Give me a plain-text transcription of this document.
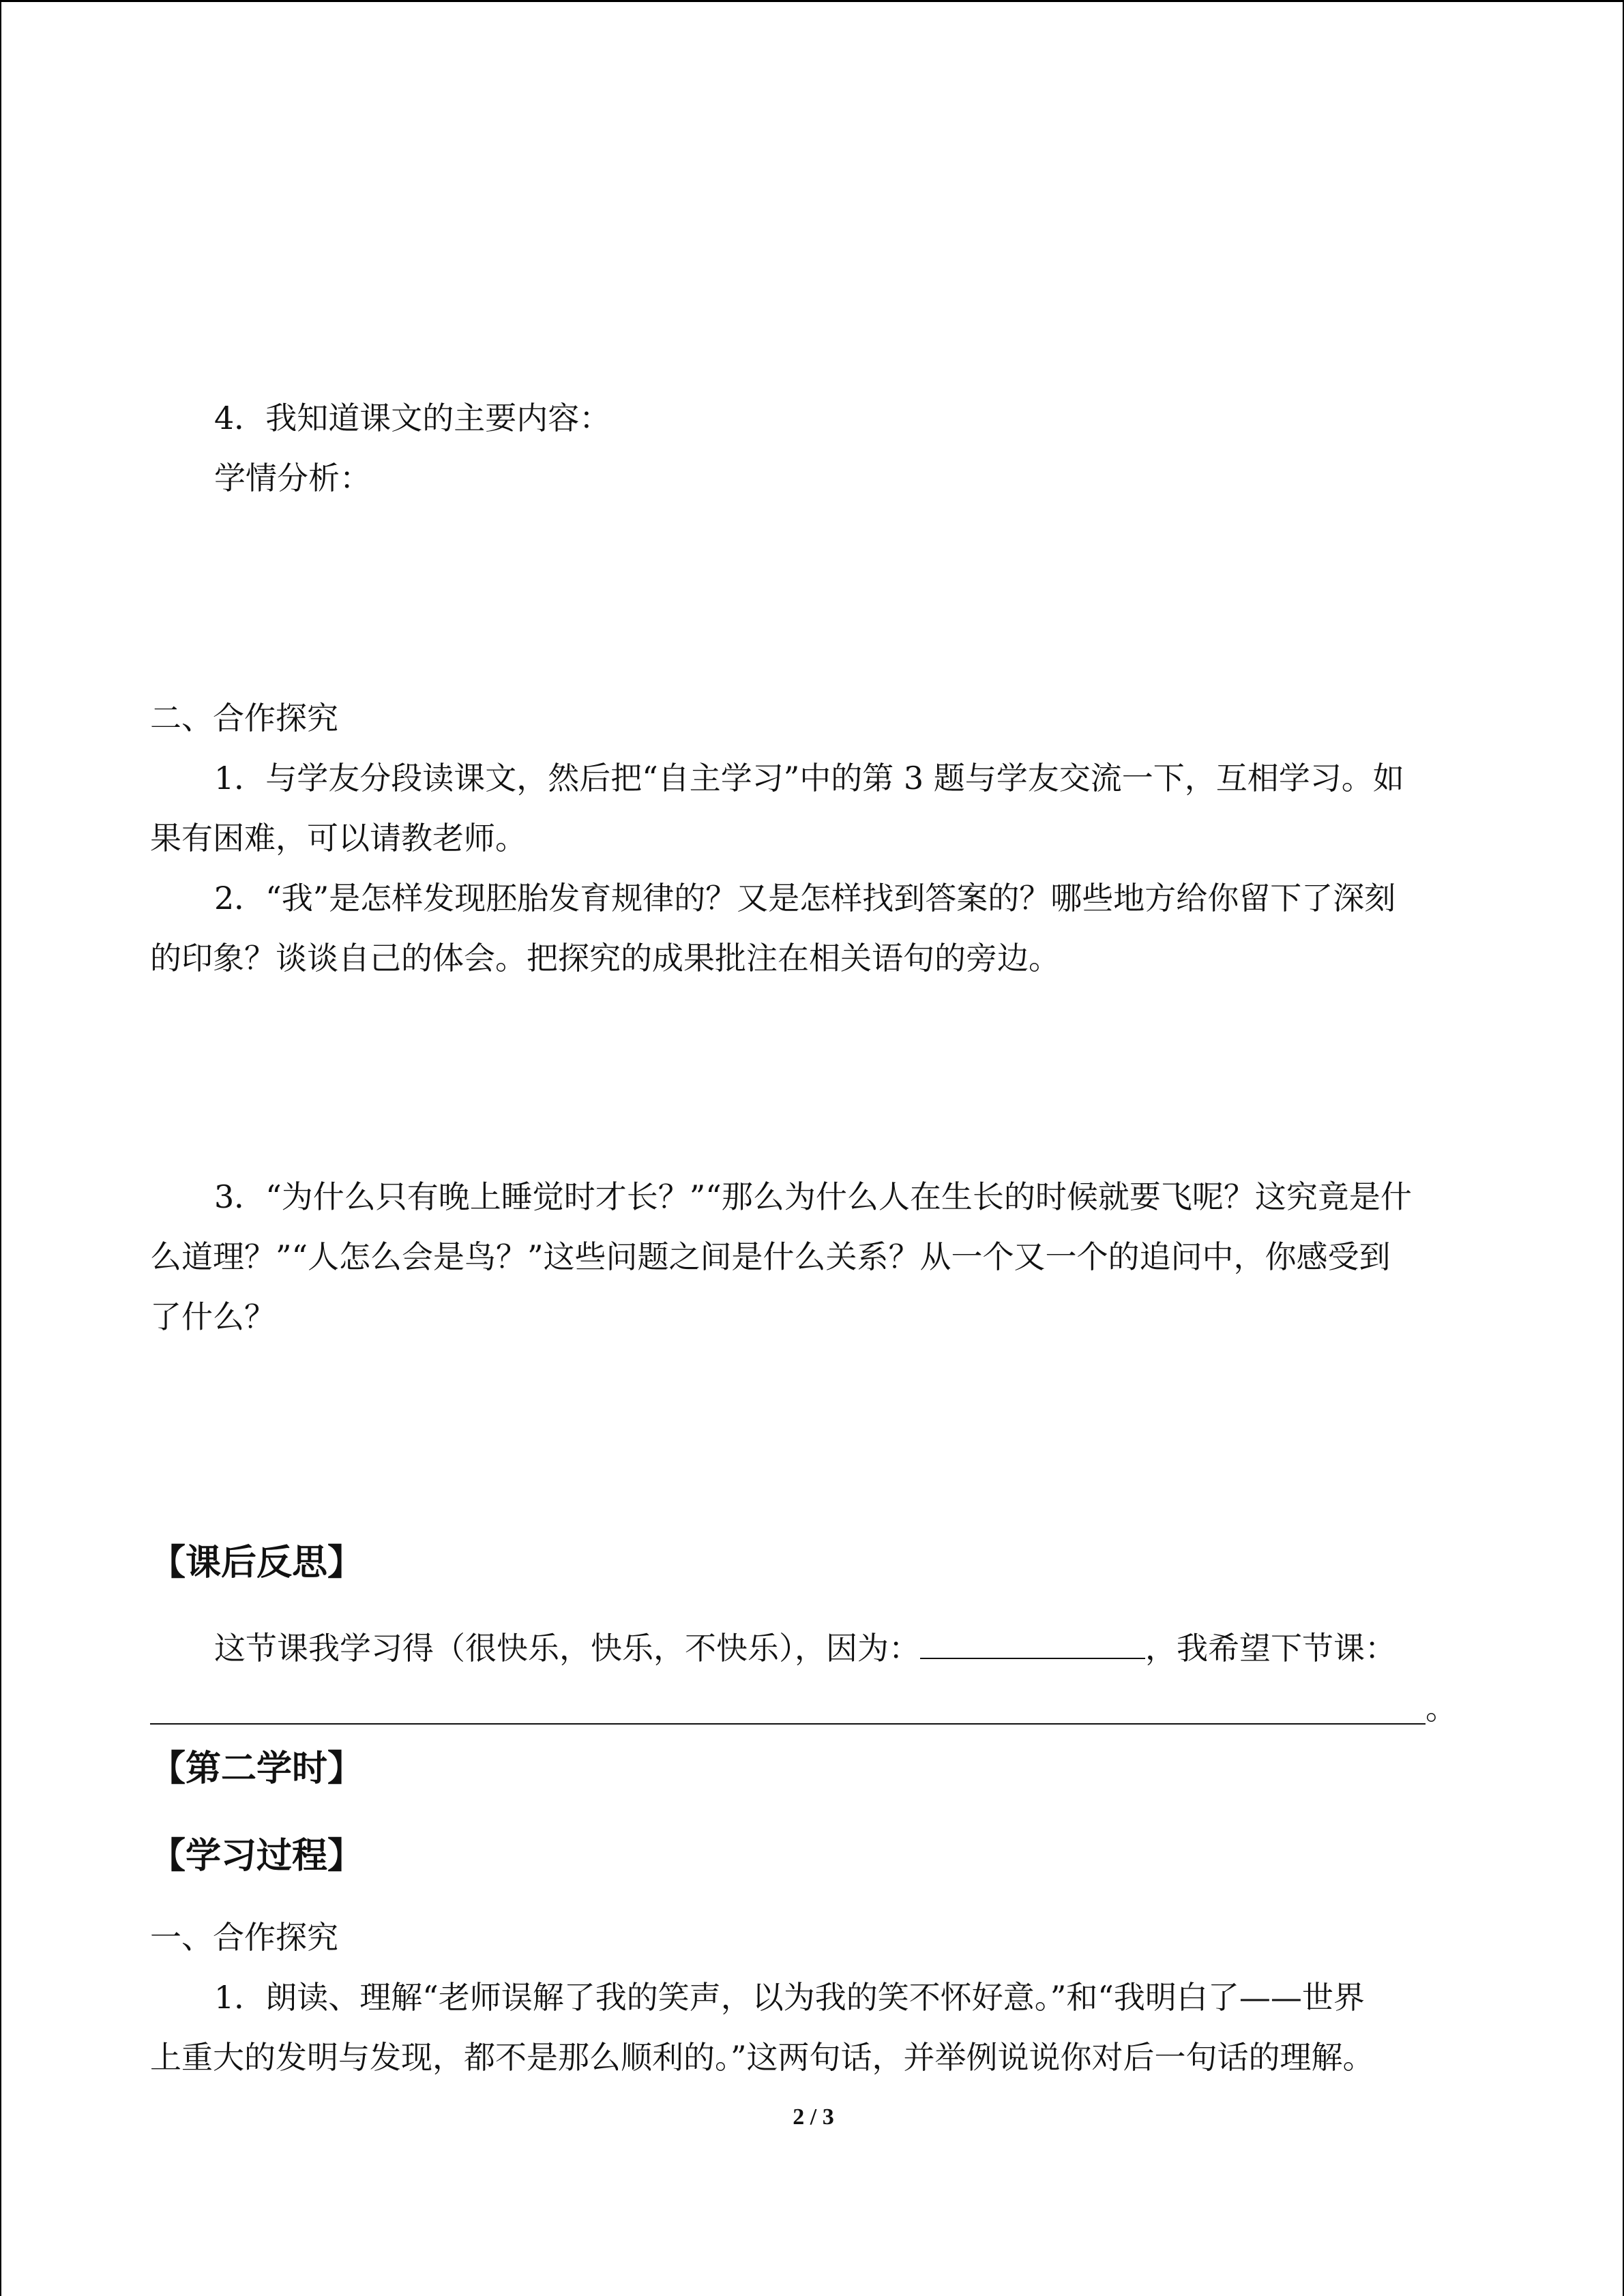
4．我知道课文的主要内容：
学情分析：
二、合作探究
1．与学友分段读课文，然后把“自主学习”中的第 3 题与学友交流一下，互相学习。如
果有困难，可以请教老师。
2．“我”是怎样发现胚胎发育规律的？又是怎样找到答案的？哪些地方给你留下了深刻
的印象？谈谈自己的体会。把探究的成果批注在相关语句的旁边。
3．“为什么只有晚上睡觉时才长？”“那么为什么人在生长的时候就要飞呢？这究竟是什
么道理？”“人怎么会是鸟？”这些问题之间是什么关系？从一个又一个的追问中，你感受到
了什么？
【课后反思】
这节课我学习得（很快乐，快乐，不快乐），因为：	，我希望下节课：
。
【第二学时】
【学习过程】
一、合作探究
1．朗读、理解“老师误解了我的笑声，以为我的笑不怀好意。”和“我明白了——世界
上重大的发明与发现，都不是那么顺利的。”这两句话，并举例说说你对后一句话的理解。
2 / 3
